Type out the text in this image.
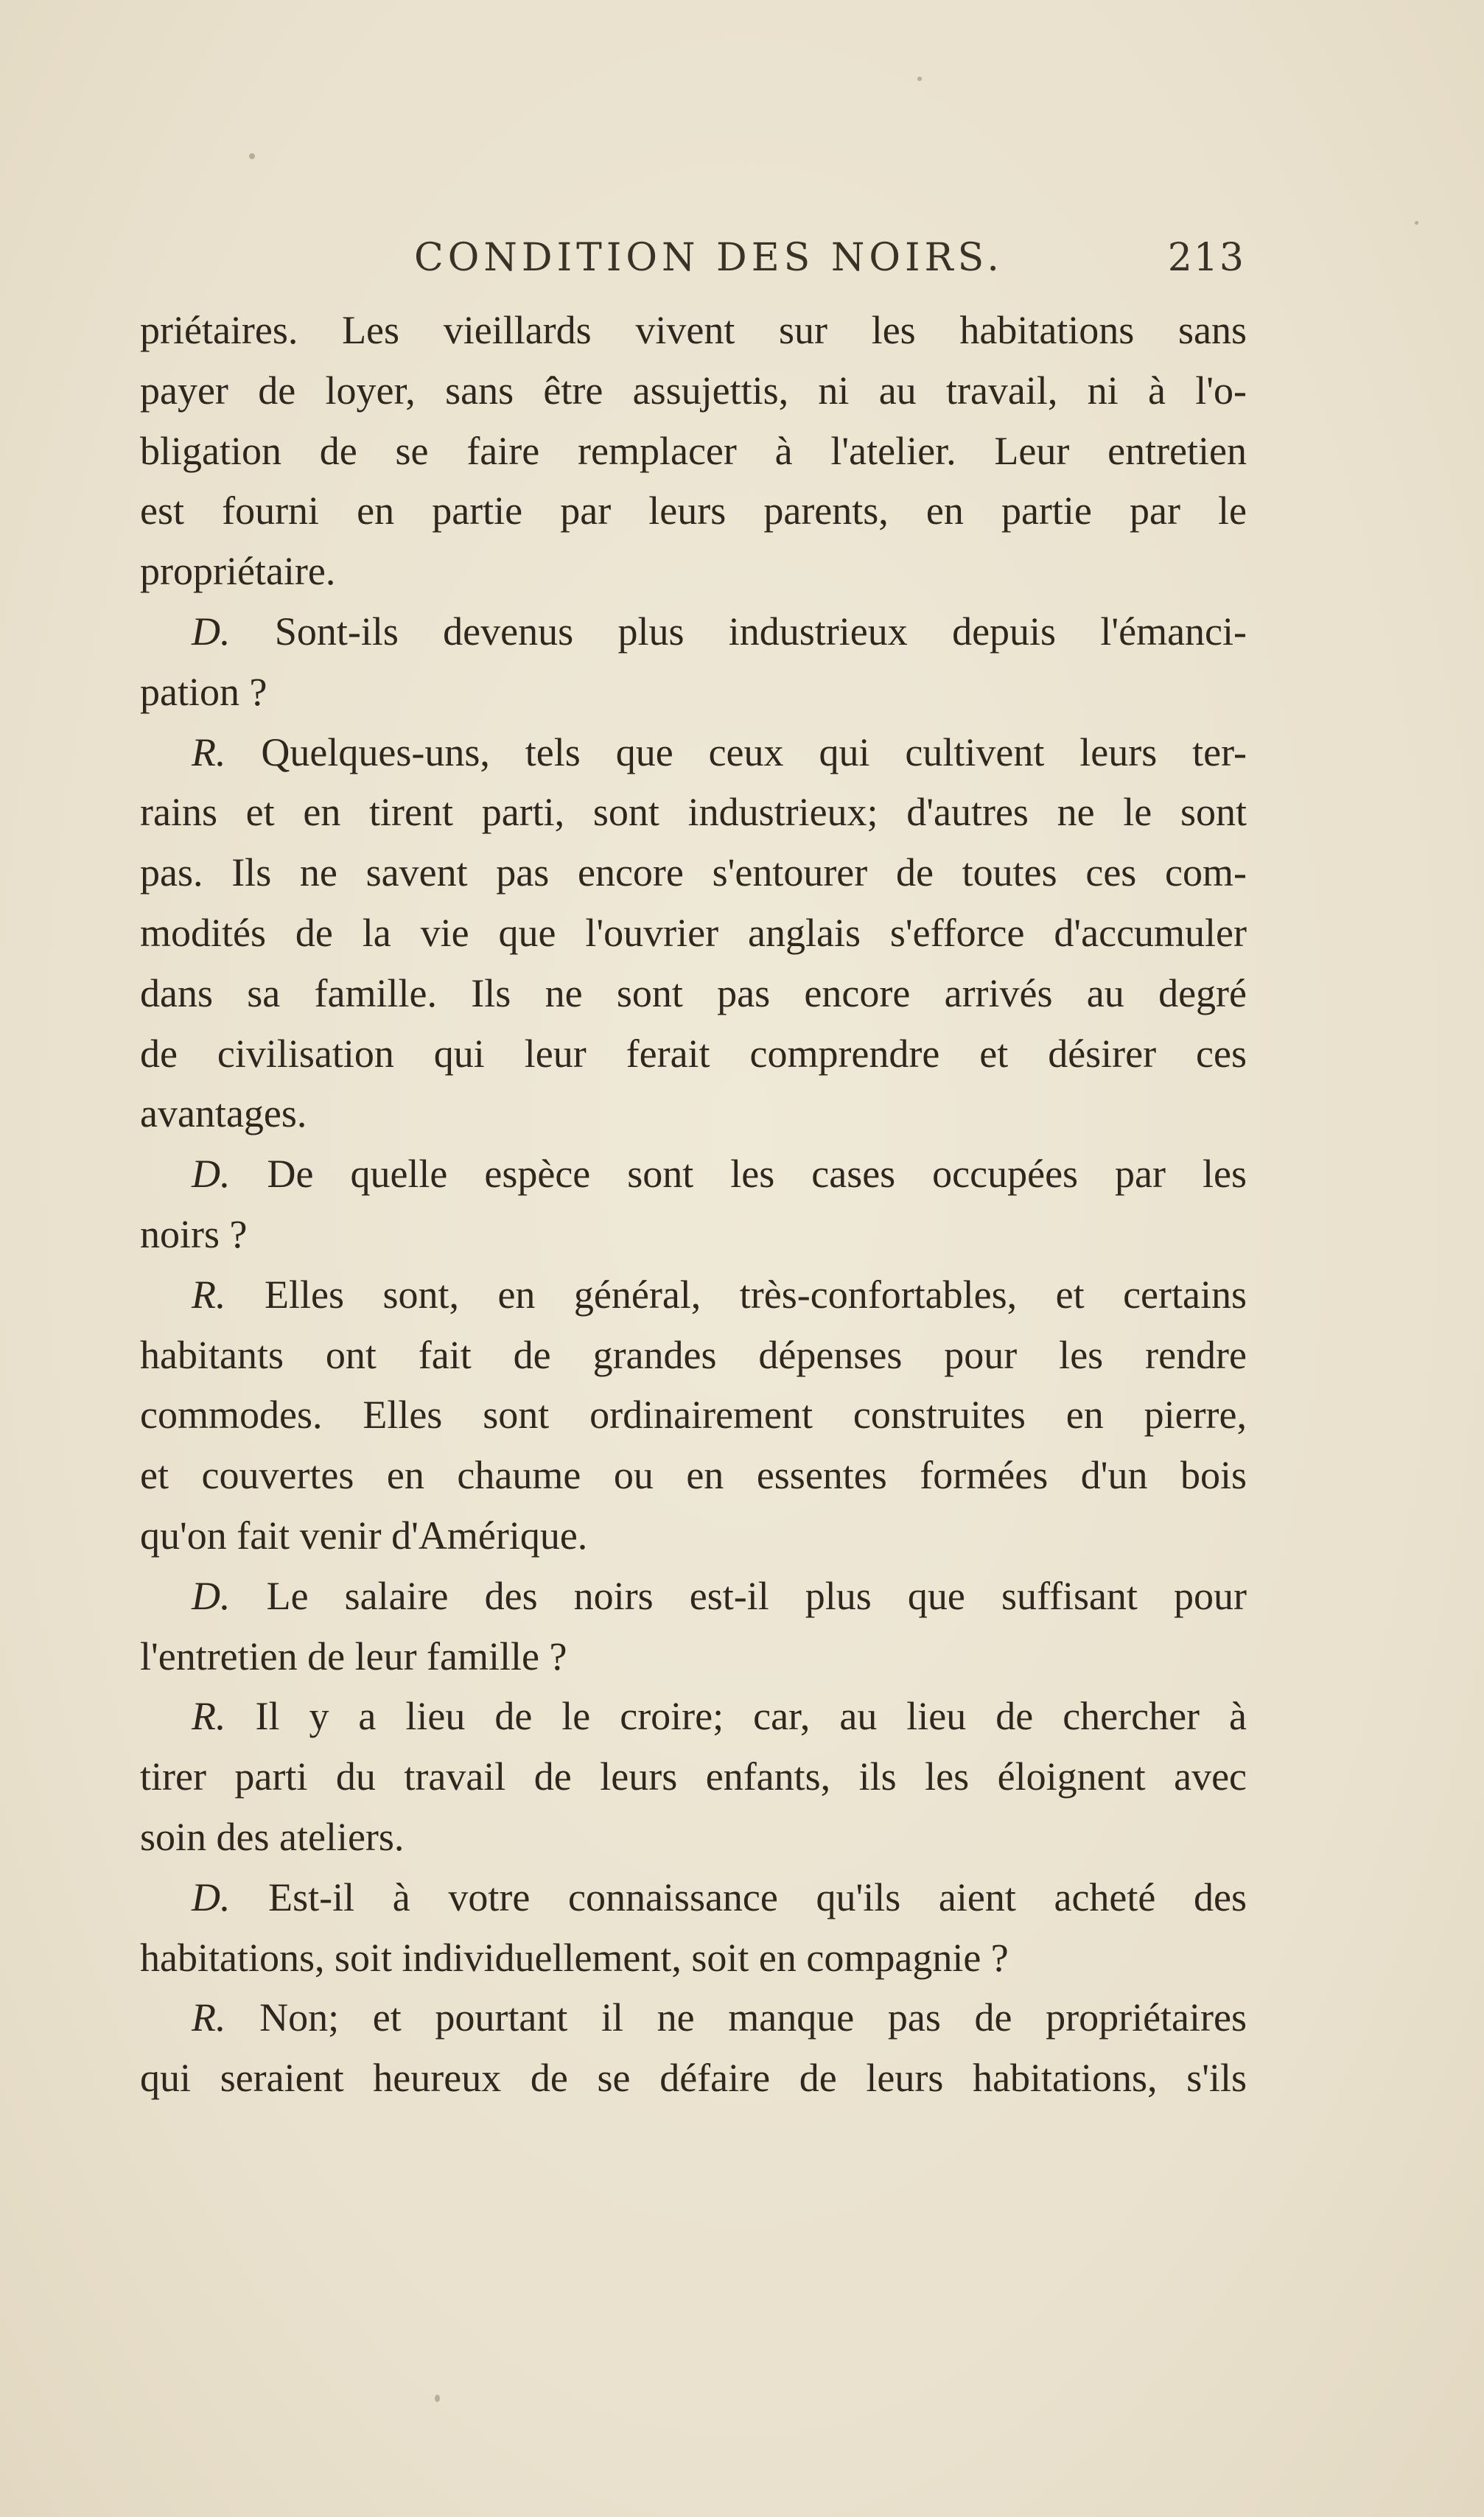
CONDITION DES NOIRS.	213
priétaires. Les vieillards vivent sur les habitations sans
payer de loyer, sans être assujettis, ni au travail, ni à l'o-
bligation de se faire remplacer à l'atelier. Leur entretien
est fourni en partie par leurs parents, en partie par le
propriétaire.
D. Sont-ils devenus plus industrieux depuis l'émanci-
pation ?
R. Quelques-uns, tels que ceux qui cultivent leurs ter-
rains et en tirent parti, sont industrieux; d'autres ne le sont
pas. Ils ne savent pas encore s'entourer de toutes ces com-
modités de la vie que l'ouvrier anglais s'efforce d'accumuler
dans sa famille. Ils ne sont pas encore arrivés au degré
de civilisation qui leur ferait comprendre et désirer ces
avantages.
D. De quelle espèce sont les cases occupées par les
noirs ?
R. Elles sont, en général, très-confortables, et certains
habitants ont fait de grandes dépenses pour les rendre
commodes. Elles sont ordinairement construites en pierre,
et couvertes en chaume ou en essentes formées d'un bois
qu'on fait venir d'Amérique.
D. Le salaire des noirs est-il plus que suffisant pour
l'entretien de leur famille ?
R. Il y a lieu de le croire; car, au lieu de chercher à
tirer parti du travail de leurs enfants, ils les éloignent avec
soin des ateliers.
D. Est-il à votre connaissance qu'ils aient acheté des
habitations, soit individuellement, soit en compagnie ?
R. Non; et pourtant il ne manque pas de propriétaires
qui seraient heureux de se défaire de leurs habitations, s'ils
